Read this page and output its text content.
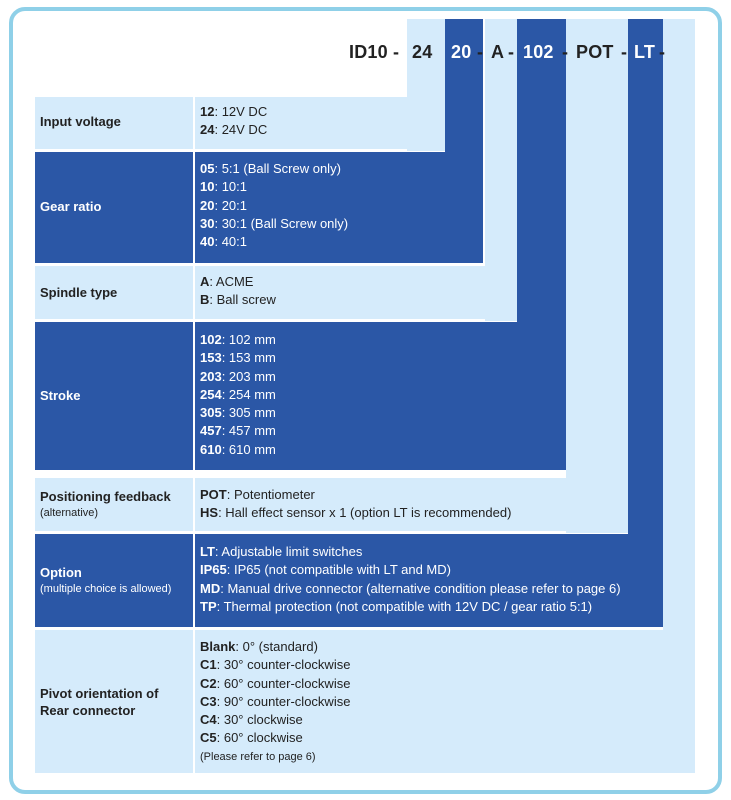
ID10 - 24 20 - A - 102 - POT - LT -
Input voltage
12: 12V DC
24: 24V DC
Gear ratio
05: 5:1 (Ball Screw only)
10: 10:1
20: 20:1
30: 30:1 (Ball Screw only)
40: 40:1
Spindle type
A: ACME
B: Ball screw
Stroke
102: 102 mm
153: 153 mm
203: 203 mm
254: 254 mm
305: 305 mm
457: 457 mm
610: 610 mm
Positioning feedback
(alternative)
POT: Potentiometer
HS: Hall effect sensor x 1 (option LT is recommended)
Option
(multiple choice is allowed)
LT: Adjustable limit switches
IP65: IP65 (not compatible with LT and MD)
MD: Manual drive connector (alternative condition please refer to page 6)
TP: Thermal protection (not compatible with 12V DC / gear ratio 5:1)
Pivot orientation of
Rear connector
Blank: 0° (standard)
C1: 30° counter-clockwise
C2: 60° counter-clockwise
C3: 90° counter-clockwise
C4: 30° clockwise
C5: 60° clockwise
(Please refer to page 6)
